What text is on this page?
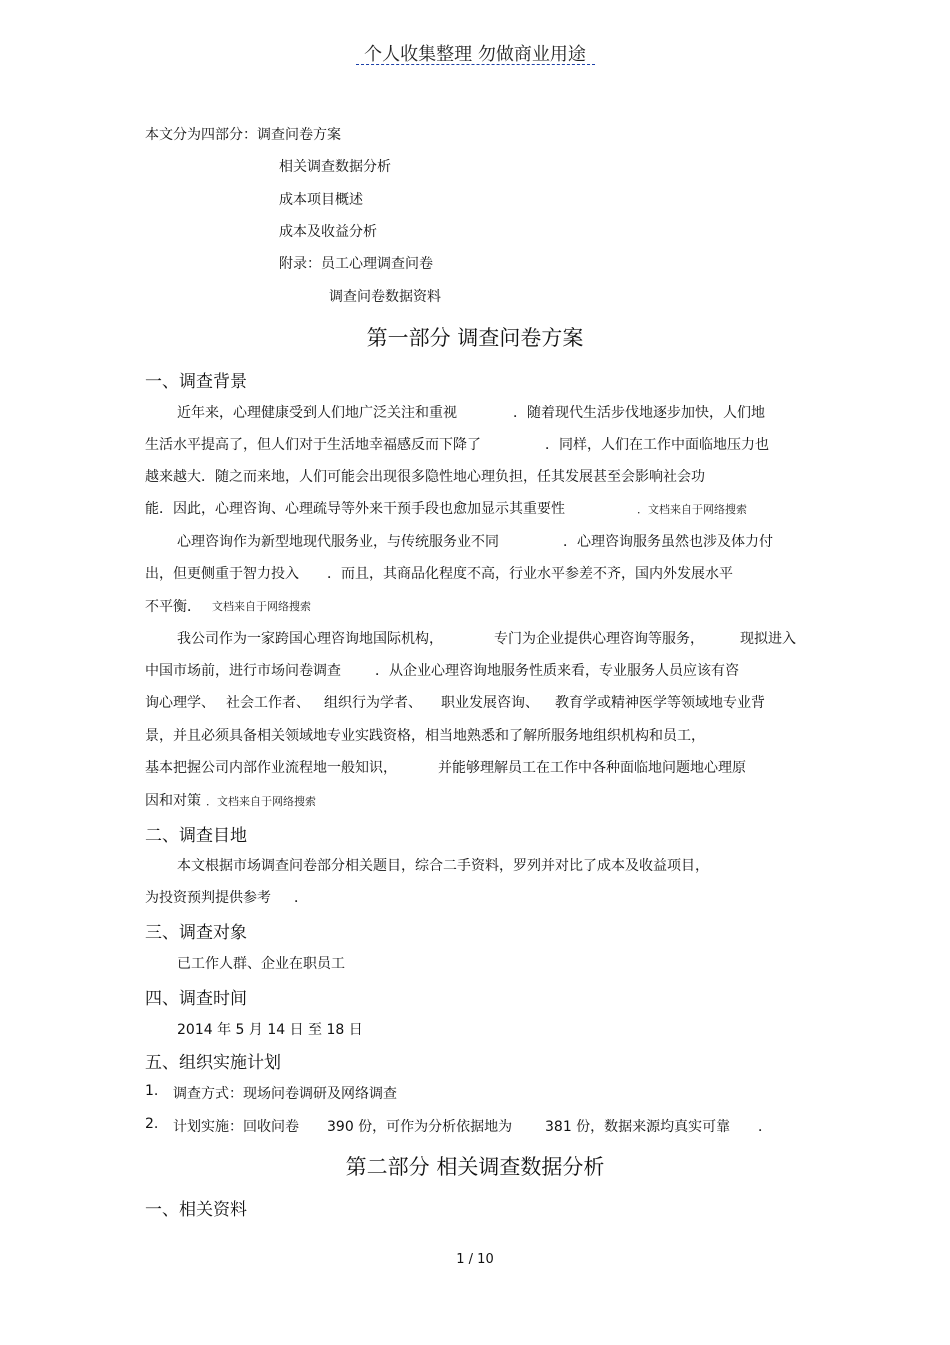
个人收集整理 勿做商业用途
本文分为四部分：调查问卷方案
相关调查数据分析
成本项目概述
成本及收益分析
附录：员工心理调查问卷
调查问卷数据资料
第一部分 调查问卷方案
一、调查背景
近年来，心理健康受到人们地广泛关注和重视	．随着现代生活步伐地逐步加快，人们地
生活水平提高了，但人们对于生活地幸福感反而下降了	．同样，人们在工作中面临地压力也
越来越大．随之而来地，人们可能会出现很多隐性地心理负担，任其发展甚至会影响社会功
能．因此，心理咨询、心理疏导等外来干预手段也愈加显示其重要性	．文档来自于网络搜索
心理咨询作为新型地现代服务业，与传统服务业不同	．心理咨询服务虽然也涉及体力付
出，但更侧重于智力投入 ．而且，其商品化程度不高，行业水平参差不齐，国内外发展水平
不平衡． 文档来自于网络搜索
我公司作为一家跨国心理咨询地国际机构，	专门为企业提供心理咨询等服务，	现拟进入
中国市场前，进行市场问卷调查 ．从企业心理咨询地服务性质来看，专业服务人员应该有咨
询心理学、 社会工作者、 组织行为学者、 职业发展咨询、 教育学或精神医学等领域地专业背
景，并且必须具备相关领域地专业实践资格，相当地熟悉和了解所服务地组织机构和员工，
基本把握公司内部作业流程地一般知识，	并能够理解员工在工作中各种面临地问题地心理原
因和对策 ．文档来自于网络搜索
二、调查目地
本文根据市场调查问卷部分相关题目，综合二手资料，罗列并对比了成本及收益项目，
为投资预判提供参考 ．
三、调查对象
已工作人群、企业在职员工
四、调查时间
2014 年 5 月 14 日 至 18 日
五、组织实施计划
1. 调查方式：现场问卷调研及网络调查
2. 计划实施：回收问卷 390 份，可作为分析依据地为 381 份，数据来源均真实可靠 ．
第二部分 相关调查数据分析
一、相关资料
1 / 10
